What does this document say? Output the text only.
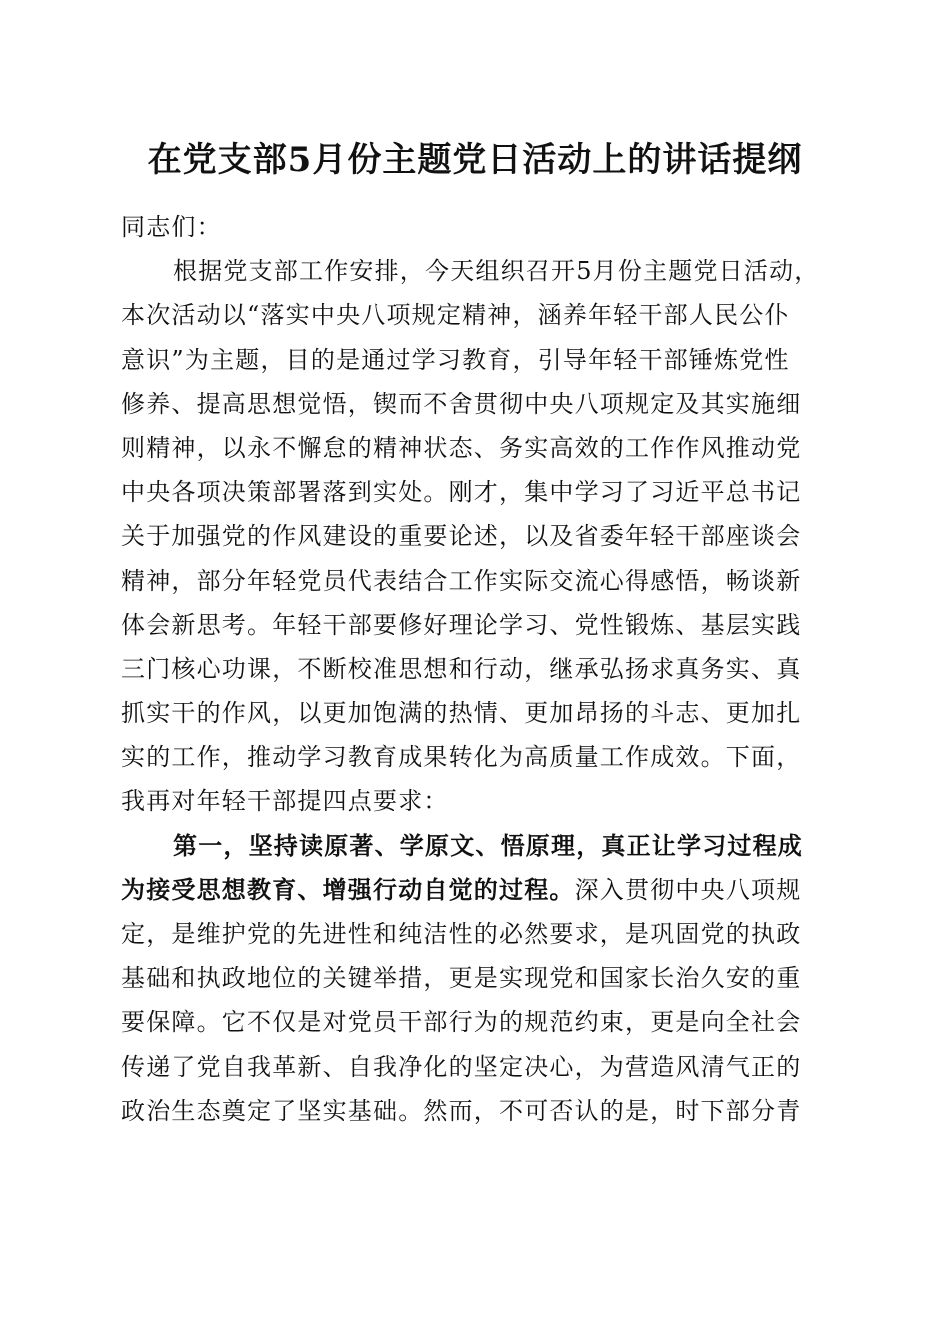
在党支部5月份主题党日活动上的讲话提纲
同志们：
根据党支部工作安排，今天组织召开5月份主题党日活动，
本次活动以“落实中央八项规定精神，涵养年轻干部人民公仆
意识”为主题，目的是通过学习教育，引导年轻干部锤炼党性
修养、提高思想觉悟，锲而不舍贯彻中央八项规定及其实施细
则精神，以永不懈怠的精神状态、务实高效的工作作风推动党
中央各项决策部署落到实处。刚才，集中学习了习近平总书记
关于加强党的作风建设的重要论述，以及省委年轻干部座谈会
精神，部分年轻党员代表结合工作实际交流心得感悟，畅谈新
体会新思考。年轻干部要修好理论学习、党性锻炼、基层实践
三门核心功课，不断校准思想和行动，继承弘扬求真务实、真
抓实干的作风，以更加饱满的热情、更加昂扬的斗志、更加扎
实的工作，推动学习教育成果转化为高质量工作成效。下面，
我再对年轻干部提四点要求：
第一，坚持读原著、学原文、悟原理，真正让学习过程成
为接受思想教育、增强行动自觉的过程。深入贯彻中央八项规
定，是维护党的先进性和纯洁性的必然要求，是巩固党的执政
基础和执政地位的关键举措，更是实现党和国家长治久安的重
要保障。它不仅是对党员干部行为的规范约束，更是向全社会
传递了党自我革新、自我净化的坚定决心，为营造风清气正的
政治生态奠定了坚实基础。然而，不可否认的是，时下部分青
